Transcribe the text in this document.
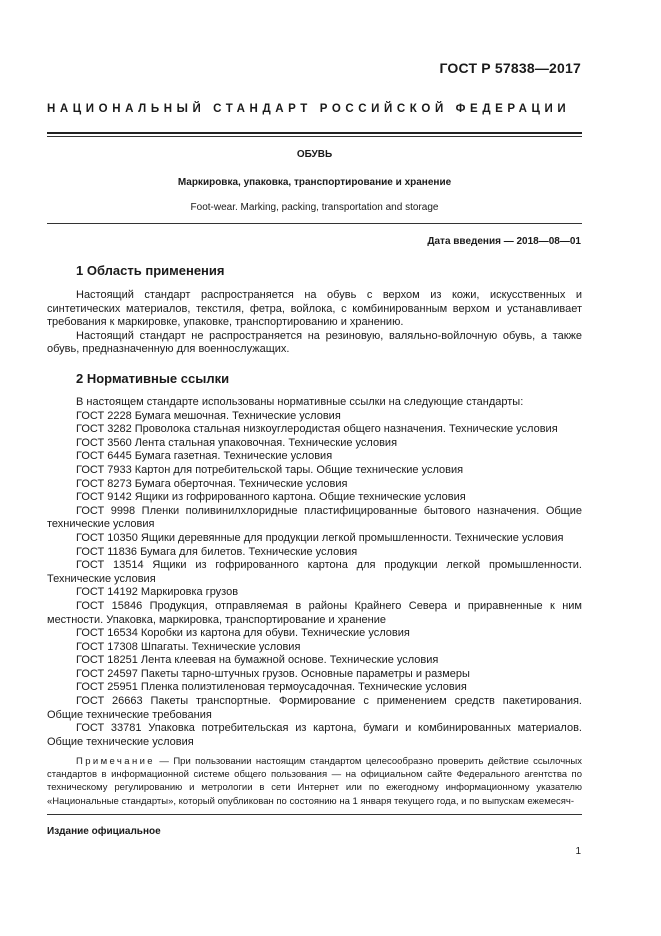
ГОСТ Р 57838—2017
НАЦИОНАЛЬНЫЙ СТАНДАРТ РОССИЙСКОЙ ФЕДЕРАЦИИ
ОБУВЬ
Маркировка, упаковка, транспортирование и хранение
Foot-wear. Marking, packing, transportation and storage
Дата введения — 2018—08—01
1 Область применения

Настоящий стандарт распространяется на обувь с верхом из кожи, искусственных и синтетических материалов, текстиля, фетра, войлока, с комбинированным верхом и устанавливает требования к маркировке, упаковке, транспортированию и хранению.

Настоящий стандарт не распространяется на резиновую, валяльно-войлочную обувь, а также обувь, предназначенную для военнослужащих.

2 Нормативные ссылки

В настоящем стандарте использованы нормативные ссылки на следующие стандарты:

ГОСТ 2228 Бумага мешочная. Технические условия

ГОСТ 3282 Проволока стальная низкоуглеродистая общего назначения. Технические условия

ГОСТ 3560 Лента стальная упаковочная. Технические условия

ГОСТ 6445 Бумага газетная. Технические условия

ГОСТ 7933 Картон для потребительской тары. Общие технические условия

ГОСТ 8273 Бумага оберточная. Технические условия

ГОСТ 9142 Ящики из гофрированного картона. Общие технические условия

ГОСТ 9998 Пленки поливинилхлоридные пластифицированные бытового назначения. Общие технические условия

ГОСТ 10350 Ящики деревянные для продукции легкой промышленности. Технические условия

ГОСТ 11836 Бумага для билетов. Технические условия

ГОСТ 13514 Ящики из гофрированного картона для продукции легкой промышленности. Технические условия

ГОСТ 14192 Маркировка грузов

ГОСТ 15846 Продукция, отправляемая в районы Крайнего Севера и приравненные к ним местности. Упаковка, маркировка, транспортирование и хранение

ГОСТ 16534 Коробки из картона для обуви. Технические условия

ГОСТ 17308 Шпагаты. Технические условия

ГОСТ 18251 Лента клеевая на бумажной основе. Технические условия

ГОСТ 24597 Пакеты тарно-штучных грузов. Основные параметры и размеры

ГОСТ 25951 Пленка полиэтиленовая термоусадочная. Технические условия

ГОСТ 26663 Пакеты транспортные. Формирование с применением средств пакетирования. Общие технические требования

ГОСТ 33781 Упаковка потребительская из картона, бумаги и комбинированных материалов. Общие технические условия

Примечание — При пользовании настоящим стандартом целесообразно проверить действие ссылочных стандартов в информационной системе общего пользования — на официальном сайте Федерального агентства по техническому регулированию и метрологии в сети Интернет или по ежегодному информационному указателю «Национальные стандарты», который опубликован по состоянию на 1 января текущего года, и по выпускам ежемесяч-
Издание официальное
1
